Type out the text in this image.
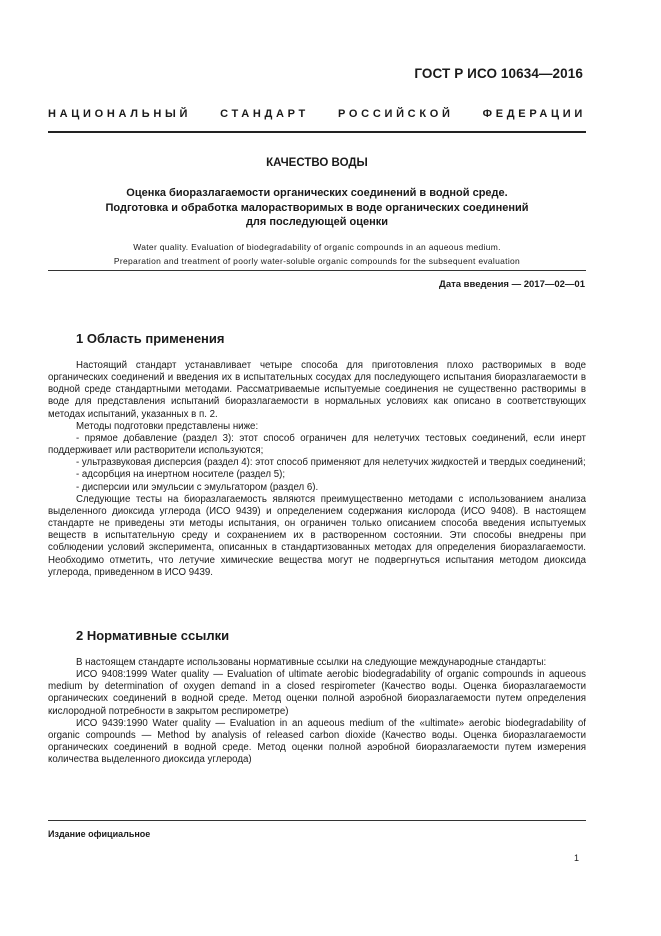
ГОСТ Р ИСО 10634—2016
НАЦИОНАЛЬНЫЙ СТАНДАРТ РОССИЙСКОЙ ФЕДЕРАЦИИ
КАЧЕСТВО ВОДЫ
Оценка биоразлагаемости органических соединений в водной среде.
Подготовка и обработка малорастворимых в воде органических соединений
для последующей оценки
Water quality. Evaluation of biodegradability of organic compounds in an aqueous medium.
Preparation and treatment of poorly water-soluble organic compounds for the subsequent evaluation
Дата введения — 2017—02—01
1 Область применения

Настоящий стандарт устанавливает четыре способа для приготовления плохо растворимых в воде органических соединений и введения их в испытательных сосудах для последующего испытания биоразлагаемости в водной среде стандартными методами. Рассматриваемые испытуемые соединения не существенно растворимы в воде для представления испытаний биоразлагаемости в нормальных условиях как описано в соответствующих методах испытаний, указанных в п. 2.

Методы подготовки представлены ниже:

- прямое добавление (раздел 3): этот способ ограничен для нелетучих тестовых соединений, если инерт поддерживает или растворители используются;

- ультразвуковая дисперсия (раздел 4): этот способ применяют для нелетучих жидкостей и твердых соединений;

- адсорбция на инертном носителе (раздел 5);

- дисперсии или эмульсии с эмульгатором (раздел 6).

Следующие тесты на биоразлагаемость являются преимущественно методами с использованием анализа выделенного диоксида углерода (ИСО 9439) и определением содержания кислорода (ИСО 9408). В настоящем стандарте не приведены эти методы испытания, он ограничен только описанием способа введения испытуемых веществ в испытательную среду и сохранением их в растворенном состоянии. Эти способы внедрены при соблюдении условий эксперимента, описанных в стандартизованных методах для определения биоразлагаемости. Необходимо отметить, что летучие химические вещества могут не подвергнуться испытания методом диоксида углерода, приведенном в ИСО 9439.

2 Нормативные ссылки

В настоящем стандарте использованы нормативные ссылки на следующие международные стандарты:

ИСО 9408:1999 Water quality — Evaluation of ultimate aerobic biodegradability of organic compounds in aqueous medium by determination of oxygen demand in a closed respirometer (Качество воды. Оценка биоразлагаемости органических соединений в водной среде. Метод оценки полной аэробной биоразлагаемости путем определения кислородной потребности в закрытом респирометре)

ИСО 9439:1990 Water quality — Evaluation in an aqueous medium of the «ultimate» aerobic biodegradability of organic compounds — Method by analysis of released carbon dioxide (Качество воды. Оценка биоразлагаемости органических соединений в водной среде. Метод оценки полной аэробной биоразлагаемости путем измерения количества выделенного диоксида углерода)

Издание официальное
1
